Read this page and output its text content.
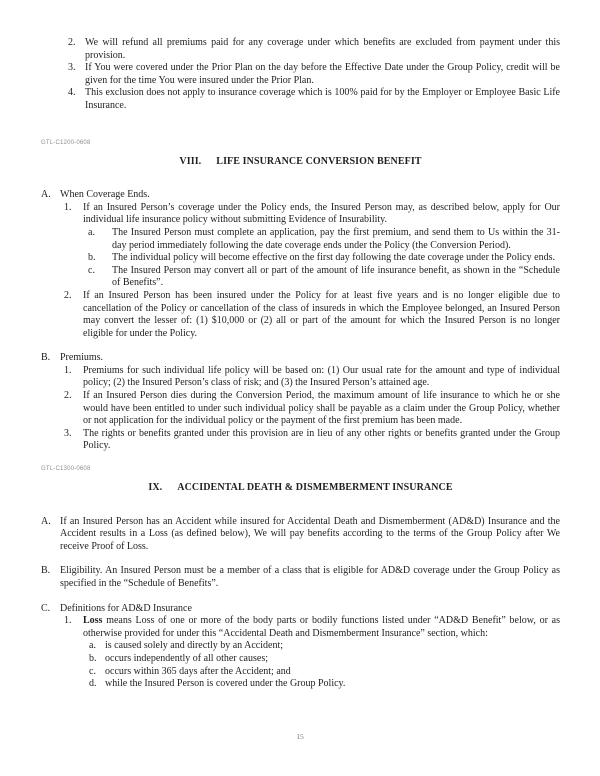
2. We will refund all premiums paid for any coverage under which benefits are excluded from payment under this provision.
3. If You were covered under the Prior Plan on the day before the Effective Date under the Group Policy, credit will be given for the time You were insured under the Prior Plan.
4. This exclusion does not apply to insurance coverage which is 100% paid for by the Employer or Employee Basic Life Insurance.
GTL-C1200-0608
VIII. LIFE INSURANCE CONVERSION BENEFIT
A. When Coverage Ends.
1.	If an Insured Person’s coverage under the Policy ends, the Insured Person may, as described below, apply for Our individual life insurance policy without submitting Evidence of Insurability.
a.	The Insured Person must complete an application, pay the first premium, and send them to Us within the 31-day period immediately following the date coverage ends under the Policy (the Conversion Period).
b.	The individual policy will become effective on the first day following the date coverage under the Policy ends.
c.	The Insured Person may convert all or part of the amount of life insurance benefit, as shown in the “Schedule of Benefits”.
2.	If an Insured Person has been insured under the Policy for at least five years and is no longer eligible due to cancellation of the Policy or cancellation of the class of insureds in which the Employee belonged, an Insured Person may convert the lesser of: (1) $10,000 or (2) all or part of the amount for which the Insured Person is no longer eligible for under the Policy.
B. Premiums.
1.	Premiums for such individual life policy will be based on: (1) Our usual rate for the amount and type of individual policy; (2) the Insured Person’s class of risk; and (3) the Insured Person’s attained age.
2.	If an Insured Person dies during the Conversion Period, the maximum amount of life insurance to which he or she would have been entitled to under such individual policy shall be payable as a claim under the Group Policy, whether or not application for the individual policy or the payment of the first premium has been made.
3.	The rights or benefits granted under this provision are in lieu of any other rights or benefits granted under the Group Policy.
GTL-C1300-0608
IX. ACCIDENTAL DEATH & DISMEMBERMENT INSURANCE
A. If an Insured Person has an Accident while insured for Accidental Death and Dismemberment (AD&D) Insurance and the Accident results in a Loss (as defined below), We will pay benefits according to the terms of the Group Policy after We receive Proof of Loss.
B. Eligibility. An Insured Person must be a member of a class that is eligible for AD&D coverage under the Group Policy as specified in the “Schedule of Benefits”.
C. Definitions for AD&D Insurance
1.	Loss means Loss of one or more of the body parts or bodily functions listed under “AD&D Benefit” below, or as otherwise provided for under this “Accidental Death and Dismemberment Insurance” section, which:
a. is caused solely and directly by an Accident;
b. occurs independently of all other causes;
c. occurs within 365 days after the Accident; and
d. while the Insured Person is covered under the Group Policy.
15
